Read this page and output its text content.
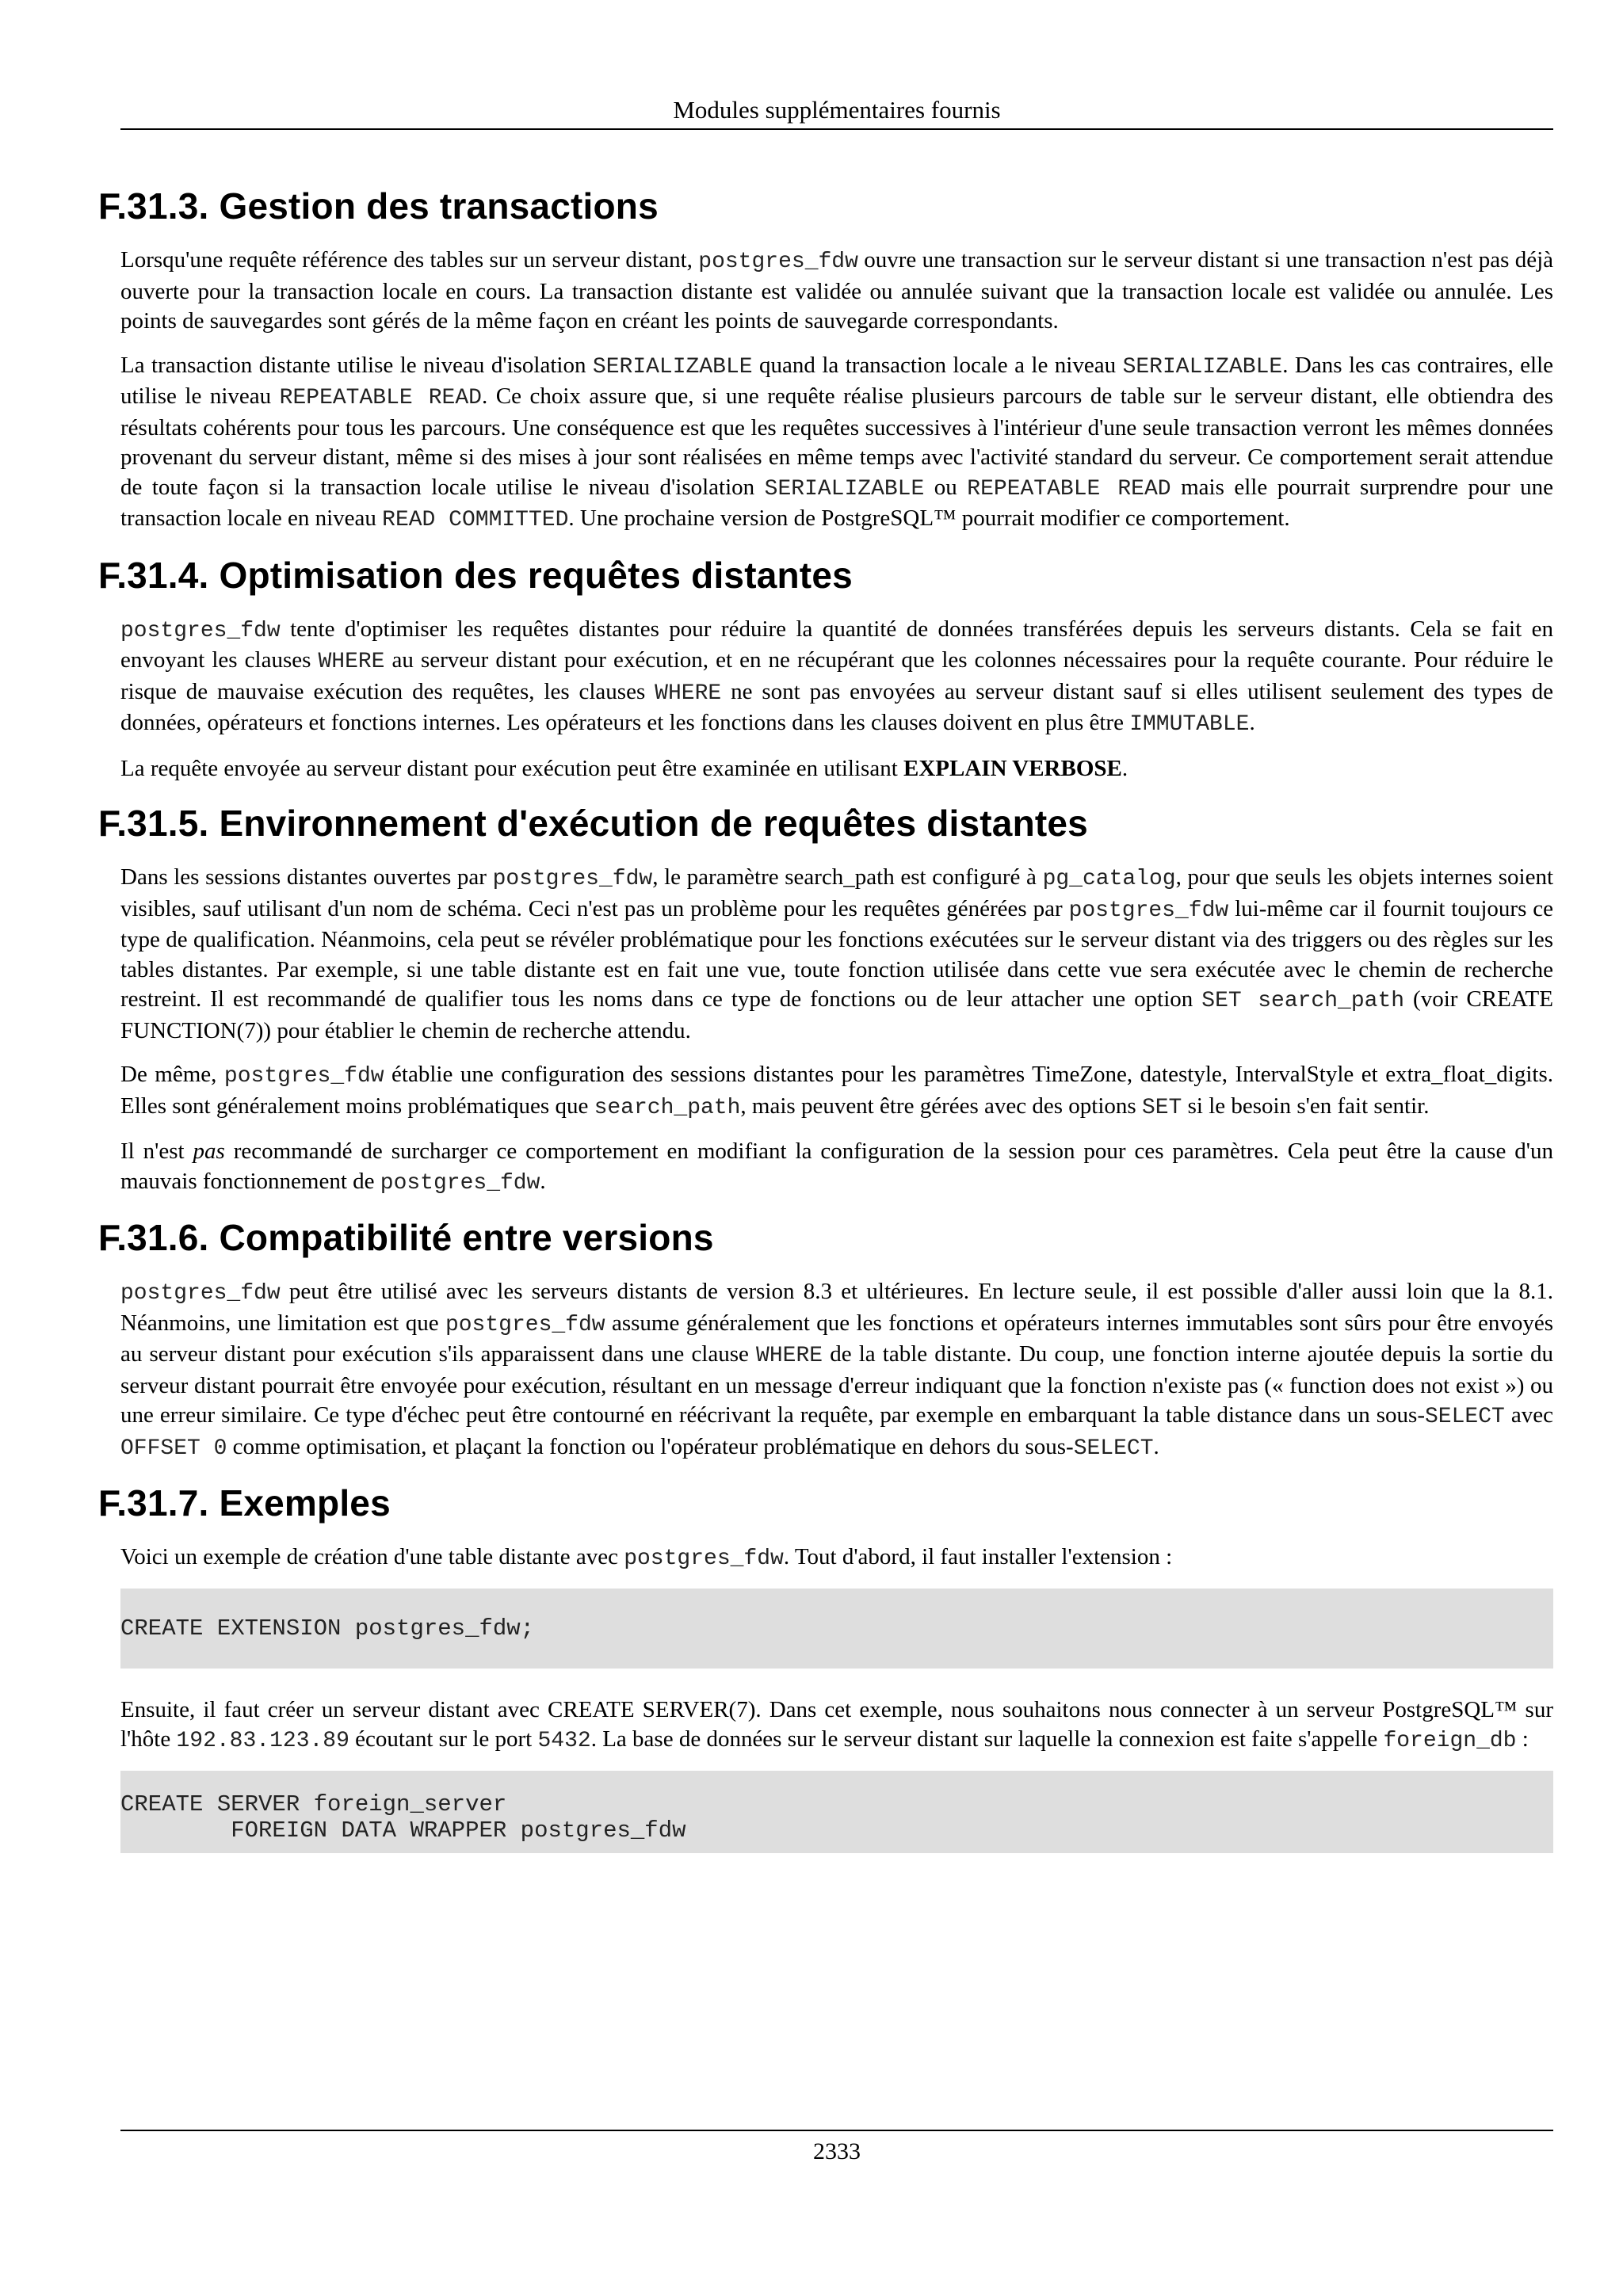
Modules supplémentaires fournis
F.31.3. Gestion des transactions

Lorsqu'une requête référence des tables sur un serveur distant, postgres_fdw ouvre une transaction sur le serveur distant si une transaction n'est pas déjà ouverte pour la transaction locale en cours. La transaction distante est validée ou annulée suivant que la transaction locale est validée ou annulée. Les points de sauvegardes sont gérés de la même façon en créant les points de sauvegarde correspondants.

La transaction distante utilise le niveau d'isolation SERIALIZABLE quand la transaction locale a le niveau SERIALIZABLE. Dans les cas contraires, elle utilise le niveau REPEATABLE READ. Ce choix assure que, si une requête réalise plusieurs parcours de table sur le serveur distant, elle obtiendra des résultats cohérents pour tous les parcours. Une conséquence est que les requêtes successives à l'intérieur d'une seule transaction verront les mêmes données provenant du serveur distant, même si des mises à jour sont réalisées en même temps avec l'activité standard du serveur. Ce comportement serait attendue de toute façon si la transaction locale utilise le niveau d'isolation SERIALIZABLE ou REPEATABLE READ mais elle pourrait surprendre pour une transaction locale en niveau READ COMMITTED. Une prochaine version de PostgreSQL™ pourrait modifier ce comportement.

F.31.4. Optimisation des requêtes distantes

postgres_fdw tente d'optimiser les requêtes distantes pour réduire la quantité de données transférées depuis les serveurs distants. Cela se fait en envoyant les clauses WHERE au serveur distant pour exécution, et en ne récupérant que les colonnes nécessaires pour la requête courante. Pour réduire le risque de mauvaise exécution des requêtes, les clauses WHERE ne sont pas envoyées au serveur distant sauf si elles utilisent seulement des types de données, opérateurs et fonctions internes. Les opérateurs et les fonctions dans les clauses doivent en plus être IMMUTABLE.

La requête envoyée au serveur distant pour exécution peut être examinée en utilisant EXPLAIN VERBOSE.

F.31.5. Environnement d'exécution de requêtes distantes

Dans les sessions distantes ouvertes par postgres_fdw, le paramètre search_path est configuré à pg_catalog, pour que seuls les objets internes soient visibles, sauf utilisant d'un nom de schéma. Ceci n'est pas un problème pour les requêtes générées par postgres_fdw lui-même car il fournit toujours ce type de qualification. Néanmoins, cela peut se révéler problématique pour les fonctions exécutées sur le serveur distant via des triggers ou des règles sur les tables distantes. Par exemple, si une table distante est en fait une vue, toute fonction utilisée dans cette vue sera exécutée avec le chemin de recherche restreint. Il est recommandé de qualifier tous les noms dans ce type de fonctions ou de leur attacher une option SET search_path (voir CREATE FUNCTION(7)) pour établier le chemin de recherche attendu.

De même, postgres_fdw établie une configuration des sessions distantes pour les paramètres TimeZone, datestyle, IntervalStyle et extra_float_digits. Elles sont généralement moins problématiques que search_path, mais peuvent être gérées avec des options SET si le besoin s'en fait sentir.

Il n'est pas recommandé de surcharger ce comportement en modifiant la configuration de la session pour ces paramètres. Cela peut être la cause d'un mauvais fonctionnement de postgres_fdw.

F.31.6. Compatibilité entre versions

postgres_fdw peut être utilisé avec les serveurs distants de version 8.3 et ultérieures. En lecture seule, il est possible d'aller aussi loin que la 8.1. Néanmoins, une limitation est que postgres_fdw assume généralement que les fonctions et opérateurs internes immutables sont sûrs pour être envoyés au serveur distant pour exécution s'ils apparaissent dans une clause WHERE de la table distante. Du coup, une fonction interne ajoutée depuis la sortie du serveur distant pourrait être envoyée pour exécution, résultant en un message d'erreur indiquant que la fonction n'existe pas (« function does not exist ») ou une erreur similaire. Ce type d'échec peut être contourné en réécrivant la requête, par exemple en embarquant la table distance dans un sous-SELECT avec OFFSET 0 comme optimisation, et plaçant la fonction ou l'opérateur problématique en dehors du sous-SELECT.

F.31.7. Exemples

Voici un exemple de création d'une table distante avec postgres_fdw. Tout d'abord, il faut installer l'extension :

CREATE EXTENSION postgres_fdw;

Ensuite, il faut créer un serveur distant avec CREATE SERVER(7). Dans cet exemple, nous souhaitons nous connecter à un serveur PostgreSQL™ sur l'hôte 192.83.123.89 écoutant sur le port 5432. La base de données sur le serveur distant sur laquelle la connexion est faite s'appelle foreign_db :

CREATE SERVER foreign_server
FOREIGN DATA WRAPPER postgres_fdw
2333
